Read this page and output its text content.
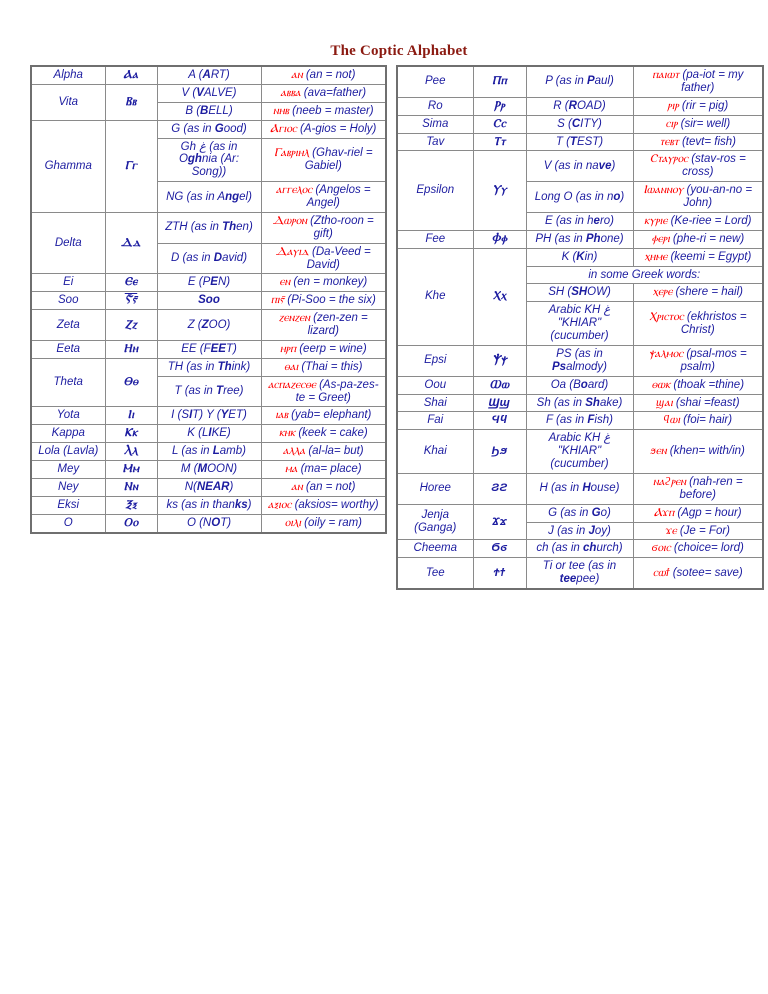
The Coptic Alphabet
Alpha	Ⲁⲁ	A (ART)	ⲁⲛ (an = not)
Vita	Ⲃⲃ	V (VALVE)	ⲁⲃⲃⲁ (ava=father)
		B (BELL)	ⲛⲏⲃ (neeb = master)
Ghamma	Ⲅⲅ	G (as in Good)	Ⲁⲅⲓⲟⲥ (A-gios = Holy)
		Gh غ (as in Oghnia (Ar: Song))	Ⲅⲁⲃⲣⲓⲏⲗ (Ghav-riel = Gabiel)
		NG (as in Angel)	ⲁⲅⲅⲉⲗⲟⲥ (Angelos = Angel)
Delta	Ⲇⲇ	ZTH (as in Then)	Ⲇⲱⲣⲟⲛ (Ztho-roon = gift)
		D (as in David)	Ⲇⲁⲩⲓⲇ (Da-Veed = David)
Ei	Ⲉⲉ	E (PEN)	ⲉⲛ (en = monkey)
Soo	Ⲋ̄ⲋ̄	Soo	ⲡⲓⲋ̄ (Pi-Soo = the six)
Zeta	Ⲍⲍ	Z (ZOO)	ⲍⲉⲛⲍⲉⲛ (zen-zen = lizard)
Eeta	Ⲏⲏ	EE (FEET)	ⲏⲣⲡ (eerp = wine)
Theta	Ⲑⲑ	TH (as in Think)	ⲑⲁⲓ (Thai = this)
		T (as in Tree)	ⲁⲥⲡⲁⲍⲉⲥⲑⲉ (As-pa-zes-te = Greet)
Yota	Ⲓⲓ	I (SIT) Y (YET)	ⲓⲁⲃ (yab= elephant)
Kappa	Ⲕⲕ	K (LIKE)	ⲕⲏⲕ (keek = cake)
Lola (Lavla)	Ⲗⲗ	L (as in Lamb)	ⲁⲗⲗⲁ (al-la= but)
Mey	Ⲙⲙ	M (MOON)	ⲙⲁ (ma= place)
Ney	Ⲛⲛ	N(NEAR)	ⲁⲛ (an = not)
Eksi	Ⲝⲝ	ks (as in thanks)	ⲁⲝⲓⲟⲥ (aksios= worthy)
O	Ⲟⲟ	O (NOT)	ⲟⲓⲗⲓ (oily = ram)
Pee	Ⲡⲡ	P (as in Paul)	ⲡⲁⲓⲱⲧ (pa-iot = my father)
Ro	Ⲣⲣ	R (ROAD)	ⲣⲓⲣ (rir = pig)
Sima	Ⲥⲥ	S (CITY)	ⲥⲓⲣ (sir= well)
Tav	Ⲧⲧ	T (TEST)	ⲧⲉⲃⲧ (tevt= fish)
Epsilon	Ⲩⲩ	V (as in nave)	Ⲥⲧⲁⲩⲣⲟⲥ (stav-ros = cross)
		Long O (as in no)	Ⲓⲱⲁⲛⲛⲟⲩ (you-an-no = John)
		E (as in hero)	ⲕⲩⲣⲓⲉ (Ke-riee = Lord)
Fee	Ⲫⲫ	PH (as in Phone)	ⲫⲉⲣⲓ (phe-ri = new)
Khe	Ⲭⲭ	K (Kin)	ⲭⲏⲙⲉ (keemi = Egypt)
		in some Greek words:	
		SH (SHOW)	ⲭⲉⲣⲉ (shere = hail)
		Arabic KH غ "KHIAR" (cucumber)	Ⲭⲣⲓⲥⲧⲟⲥ (ekhristos = Christ)
Epsi	Ⲯⲯ	PS (as in Psalmody)	ⲯⲁⲗⲙⲟⲥ (psal-mos = psalm)
Oou	Ⲱⲱ	Oa (Board)	ⲑⲱⲕ (thoak =thine)
Shai	Ϣϣ	Sh (as in Shake)	ϣⲁⲓ (shai =feast)
Fai	Ϥϥ	F (as in Fish)	ϥⲱⲓ (foi= hair)
Khai	Ϧϧ	Arabic KH غ "KHIAR" (cucumber)	ϧⲉⲛ (khen= with/in)
Horee	Ϩϩ	H (as in House)	ⲛⲁϩⲣⲉⲛ (nah-ren = before)
Jenja (Ganga)	Ϫϫ	G (as in Go)	Ⲁϫⲡ (Agp = hour)
		J (as in Joy)	ϫⲉ (Je = For)
Cheema	Ϭϭ	ch (as in church)	ϭⲟⲓⲥ (choice= lord)
Tee	Ϯϯ	Ti or tee (as in teepee)	ⲥⲱϯ (sotee= save)
